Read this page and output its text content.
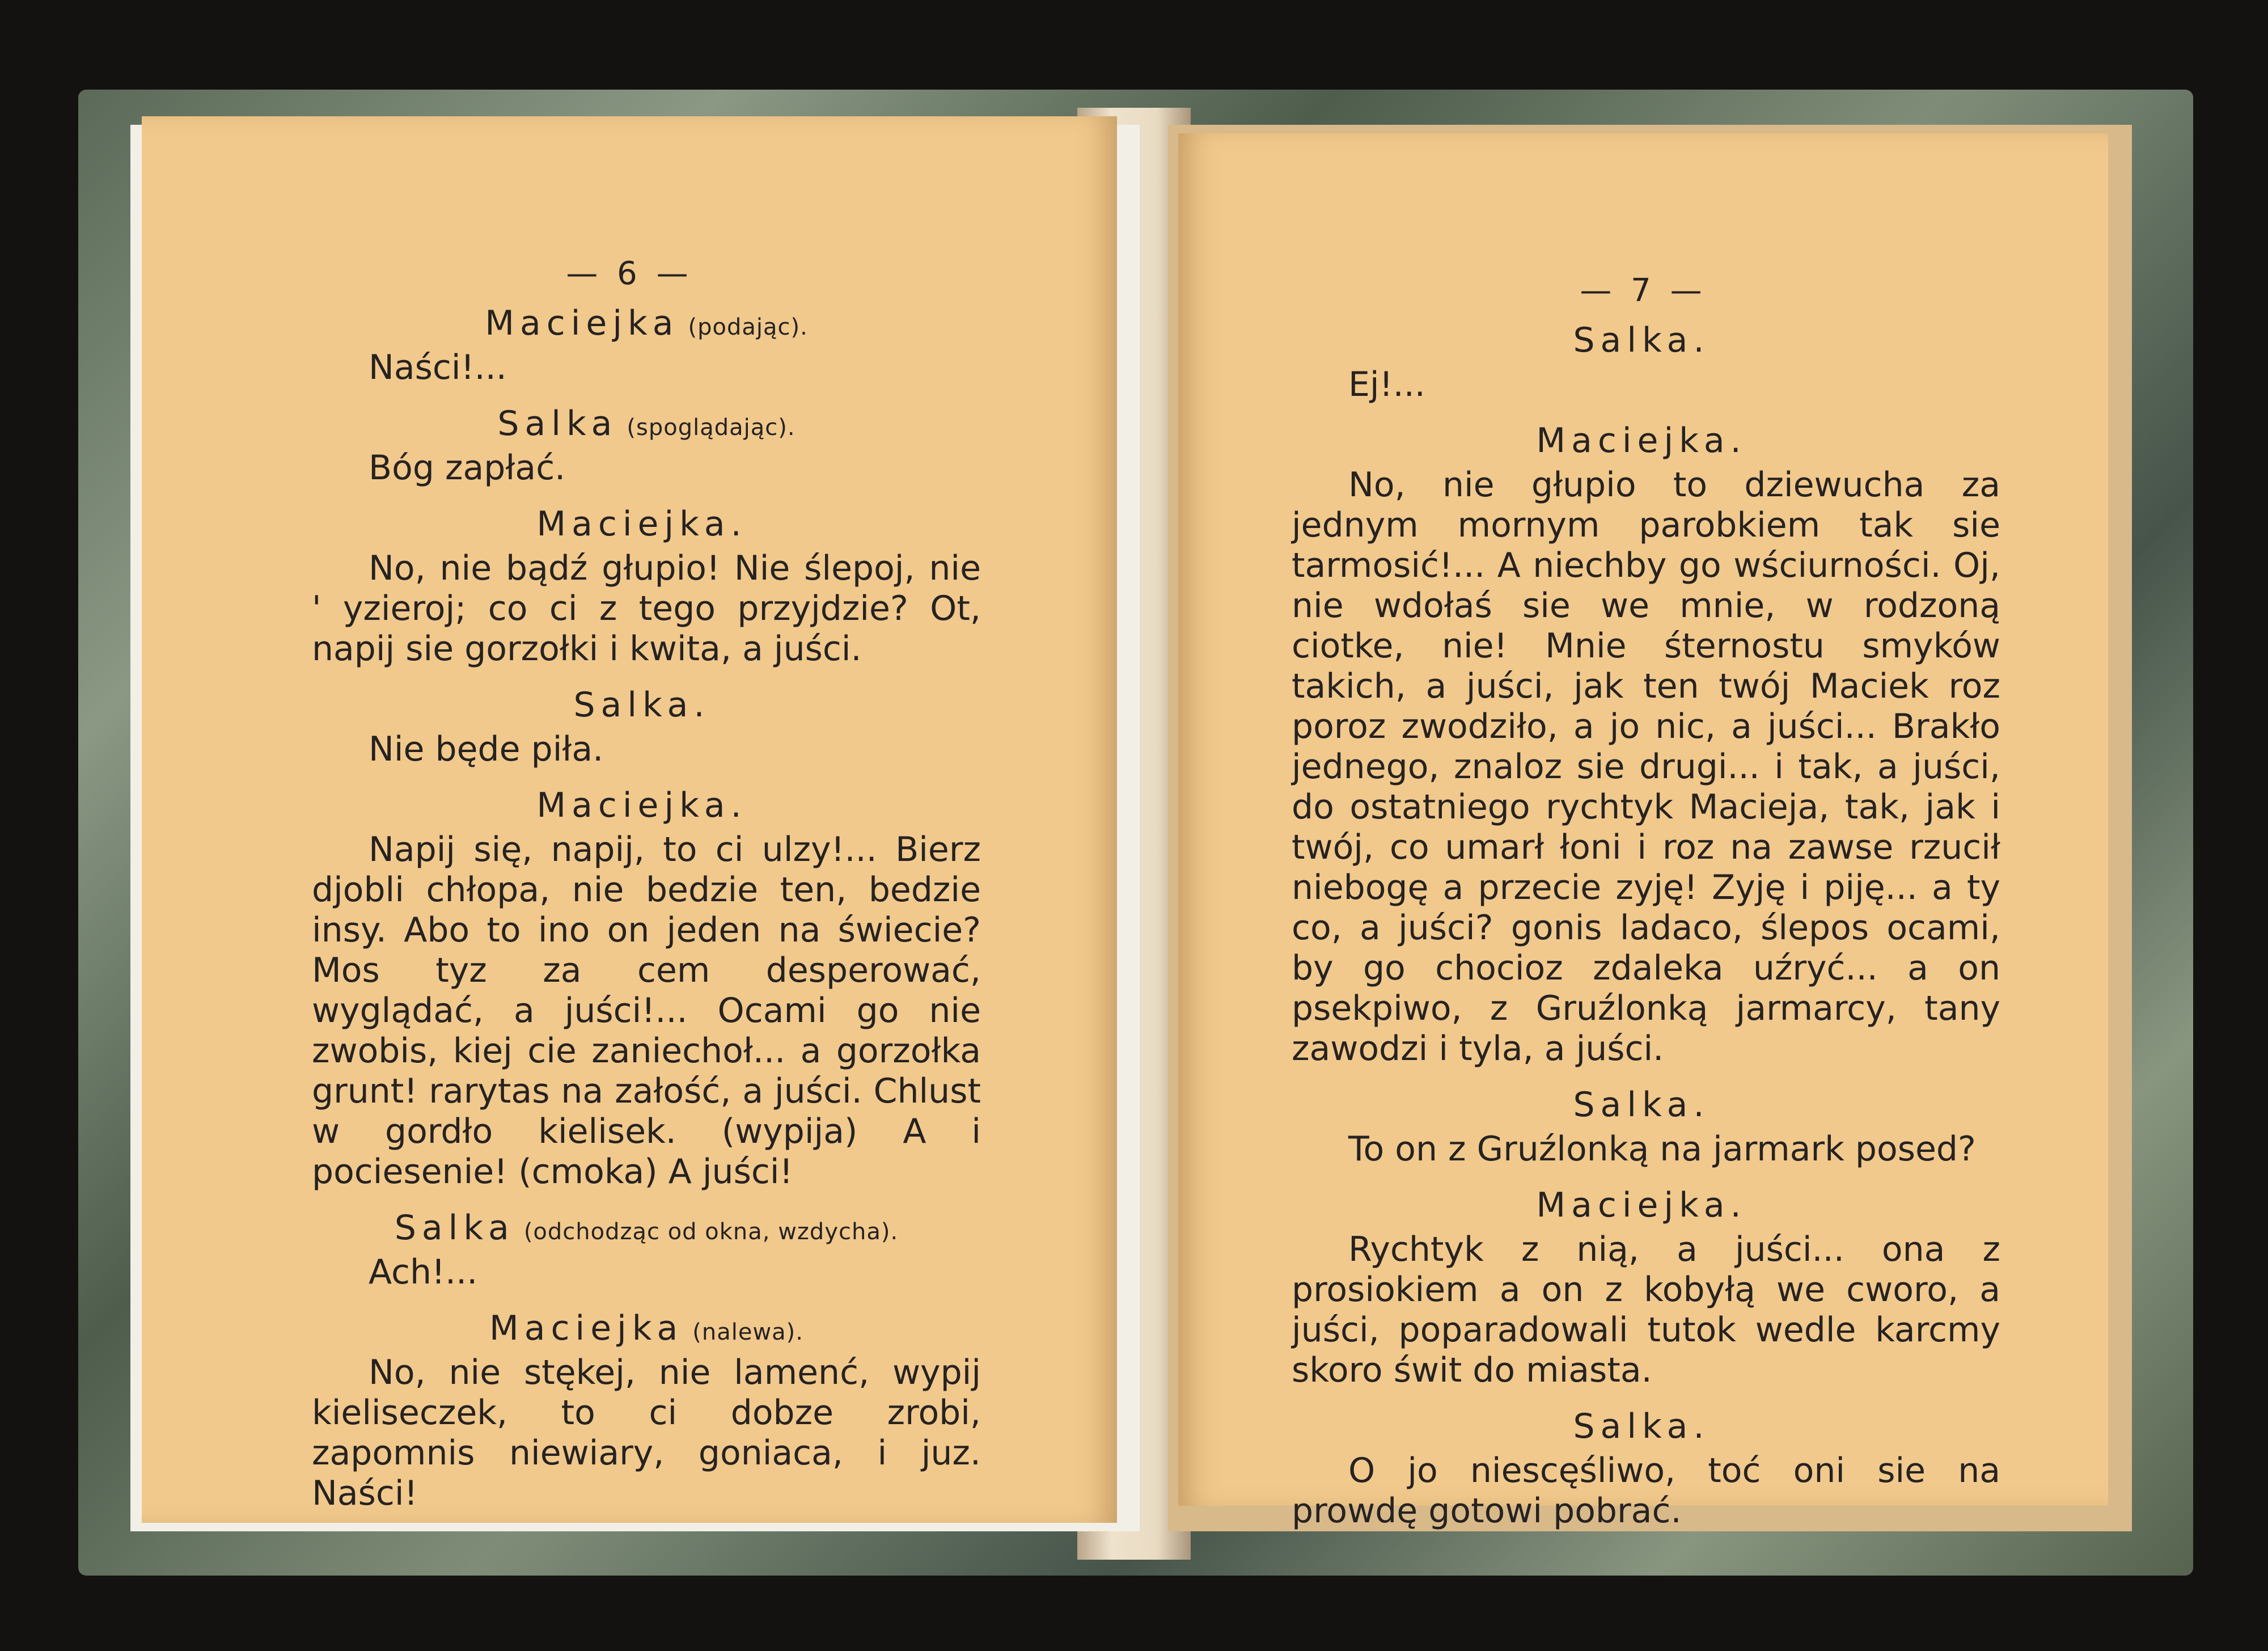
— 6 —
Maciejka (podając).
Naści!...
Salka (spoglądając).
Bóg zapłać.
Maciejka.
No, nie bądź głupio! Nie ślepoj, nie ' yzieroj; co ci z tego przyjdzie? Ot, napij sie gorzołki i kwita, a juści.
Salka.
Nie będe piła.
Maciejka.
Napij się, napij, to ci ulzy!... Bierz djobli chłopa, nie bedzie ten, bedzie insy. Abo to ino on jeden na świecie? Mos tyz za cem desperować, wyglądać, a juści!... Ocami go nie zwobis, kiej cie zaniechoł... a gorzołka grunt! rarytas na załość, a juści. Chlust w gordło kielisek. (wypija) A i pociesenie! (cmoka) A juści!
Salka (odchodząc od okna, wzdycha).
Ach!...
Maciejka (nalewa).
No, nie stękej, nie lamenć, wypij kieliseczek, to ci dobze zrobi, zapomnis niewiary, goniaca, i juz. Naści!
— 7 —
Salka.
Ej!...
Maciejka.
No, nie głupio to dziewucha za jednym mornym parobkiem tak sie tarmosić!... A niechby go wściurności. Oj, nie wdołaś sie we mnie, w rodzoną ciotke, nie! Mnie śternostu smyków takich, a juści, jak ten twój Maciek roz poroz zwodziło, a jo nic, a juści... Brakło jednego, znaloz sie drugi... i tak, a juści, do ostatniego rychtyk Macieja, tak, jak i twój, co umarł łoni i roz na zawse rzucił niebogę a przecie zyję! Zyję i piję... a ty co, a juści? gonis ladaco, ślepos ocami, by go chocioz zdaleka uźryć... a on psekpiwo, z Gruźlonką jarmarcy, tany zawodzi i tyla, a juści.
Salka.
To on z Gruźlonką na jarmark posed?
Maciejka.
Rychtyk z nią, a juści... ona z prosiokiem a on z kobyłą we cworo, a juści, poparadowali tutok wedle karcmy skoro świt do miasta.
Salka.
O jo niescęśliwo, toć oni sie na prowdę gotowi pobrać.
